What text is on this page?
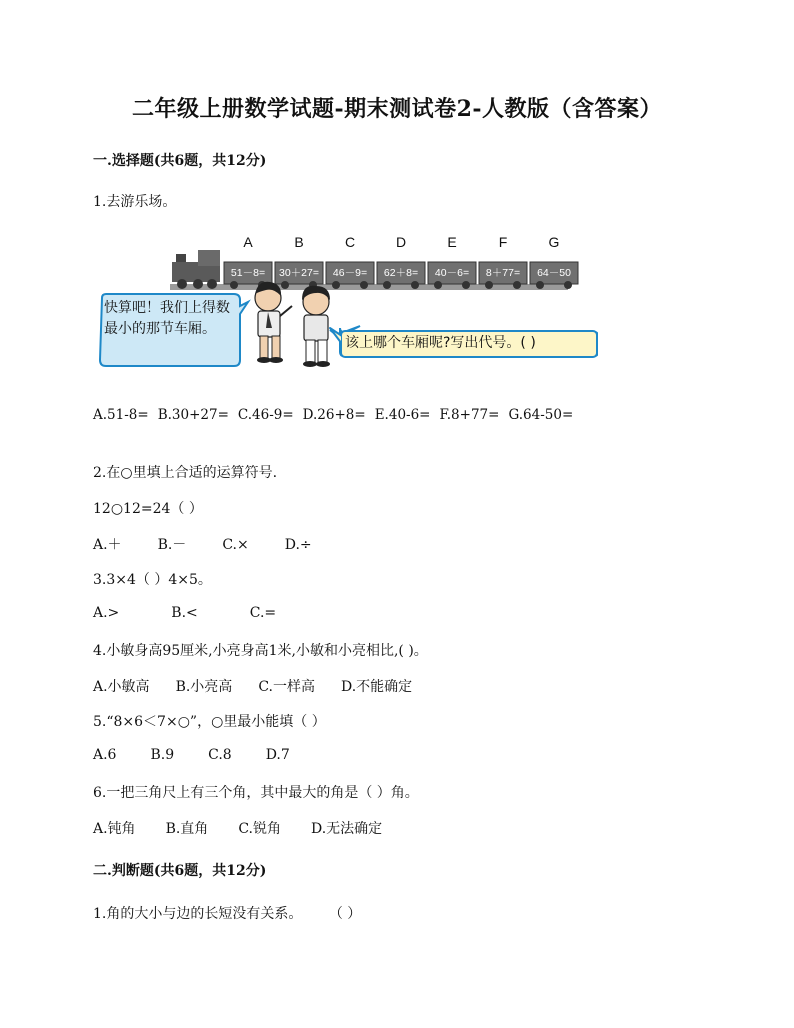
二年级上册数学试题-期末测试卷2-人教版（含答案）
一.选择题(共6题，共12分)
1.去游乐场。
A	B	C	D	E	F	G
51－8=	30＋27=	46－9=	62＋8=	40－6=	8＋77=	64－50
快算吧！我们上得数最小的那节车厢。
该上哪个车厢呢?写出代号。( )
A.51-8= B.30+27= C.46-9= D.26+8= E.40-6= F.8+77= G.64-50=
2.在○里填上合适的运算符号.
12○12=24（ ）
A.＋	B.－	C.×	D.÷
3.3×4（ ）4×5。
A.>	B.<	C.=
4.小敏身高95厘米,小亮身高1米,小敏和小亮相比,( )。
A.小敏高 B.小亮高 C.一样高 D.不能确定
5.“8×6＜7×○”，○里最小能填（ ）
A.6 B.9 C.8 D.7
6.一把三角尺上有三个角，其中最大的角是（ ）角。
A.钝角 B.直角 C.锐角 D.无法确定
二.判断题(共6题，共12分)
1.角的大小与边的长短没有关系。 （ ）
